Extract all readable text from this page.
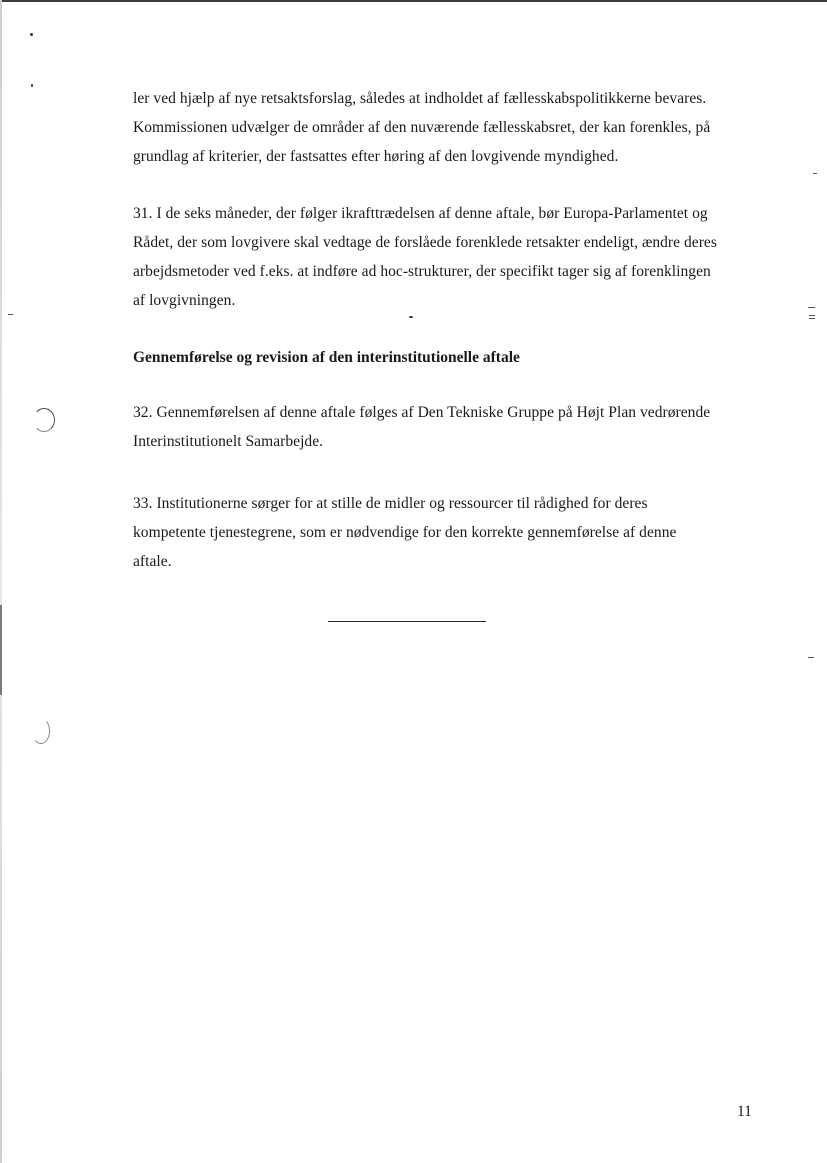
ler ved hjælp af nye retsaktsforslag, således at indholdet af fællesskabspolitikkerne bevares.
Kommissionen udvælger de områder af den nuværende fællesskabsret, der kan forenkles, på
grundlag af kriterier, der fastsattes efter høring af den lovgivende myndighed.

31. I de seks måneder, der følger ikrafttrædelsen af denne aftale, bør Europa-Parlamentet og
Rådet, der som lovgivere skal vedtage de forslåede forenklede retsakter endeligt, ændre deres
arbejdsmetoder ved f.eks. at indføre ad hoc-strukturer, der specifikt tager sig af forenklingen
af lovgivningen.

Gennemførelse og revision af den interinstitutionelle aftale

32. Gennemførelsen af denne aftale følges af Den Tekniske Gruppe på Højt Plan vedrørende
Interinstitutionelt Samarbejde.

33. Institutionerne sørger for at stille de midler og ressourcer til rådighed for deres
kompetente tjenestegrene, som er nødvendige for den korrekte gennemførelse af denne
aftale.

11
